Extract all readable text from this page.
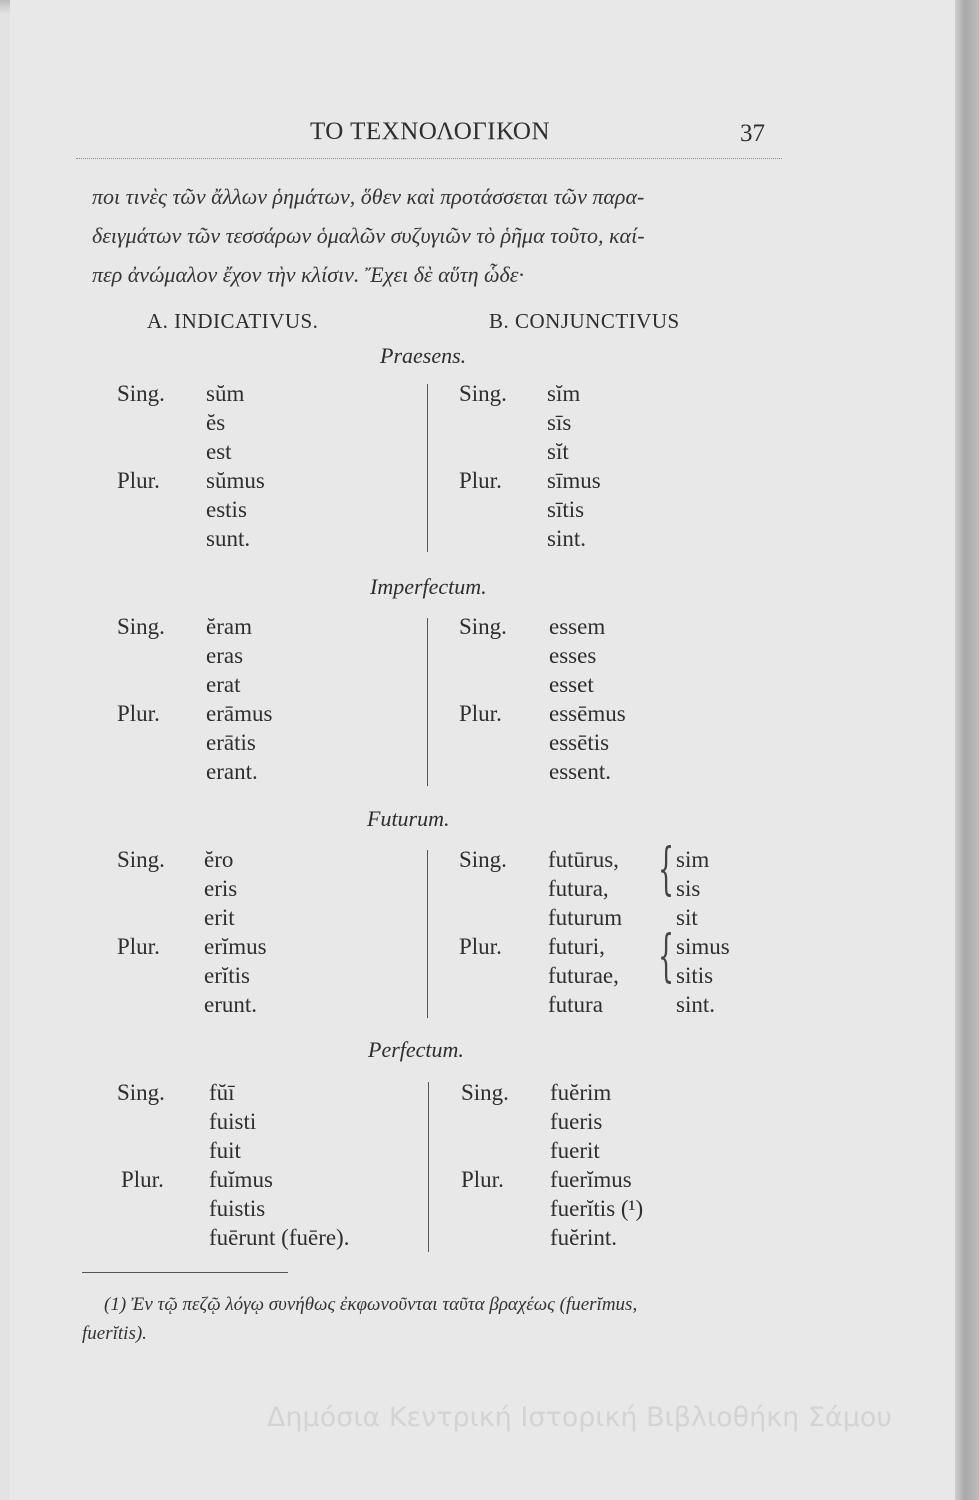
ΤΟ ΤΕΧΝΟΛΟΓΙΚΟΝ	37
ποι τινὲς τῶν ἄλλων ῥημάτων, ὅθεν καὶ προτάσσεται τῶν παρα-
δειγμάτων τῶν τεσσάρων ὁμαλῶν συζυγιῶν τὸ ῥῆμα τοῦτο, καί-
περ ἀνώμαλον ἔχον τὴν κλίσιν. Ἔχει δὲ αὕτη ὧδε·
A. INDICATIVUS.	B. CONJUNCTIVUS
Praesens.
Sing.
Plur.
sŭm
ĕs
est
sŭmus
estis
sunt.
Sing.
Plur.
sĭm
sīs
sĭt
sīmus
sītis
sint.
Imperfectum.
Sing.
Plur.
ĕram
eras
erat
erāmus
erātis
erant.
Sing.
Plur.
essem
esses
esset
essēmus
essētis
essent.
Futurum.
Sing.
Plur.
ĕro
eris
erit
erĭmus
erĭtis
erunt.
Sing.
Plur.
futūrus,
futura,
futurum
futuri,
futurae,
futura
{
{
sim
sis
sit
simus
sitis
sint.
Perfectum.
Sing.
Plur.
fŭī
fuisti
fuit
fuĭmus
fuistis
fuērunt (fuēre).
Sing.
Plur.
fuĕrim
fueris
fuerit
fuerĭmus
fuerĭtis (¹)
fuĕrint.
(1) Ἐν τῷ πεζῷ λόγῳ συνήθως ἐκφωνοῦνται ταῦτα βραχέως (fuerĭmus,
fuerĭtis).
Δημόσια Κεντρική Ιστορική Βιβλιοθήκη Σάμου
